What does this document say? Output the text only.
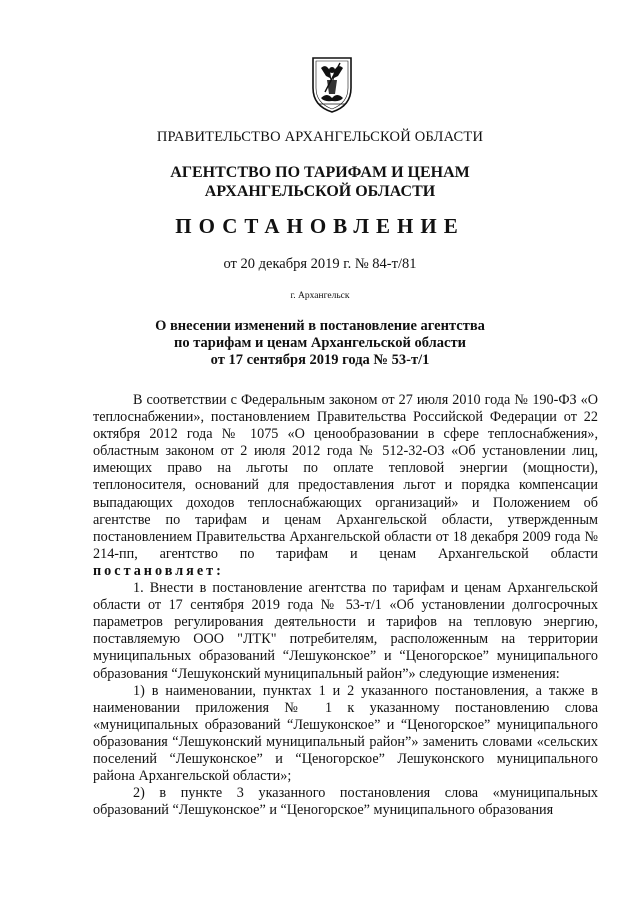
ПРАВИТЕЛЬСТВО АРХАНГЕЛЬСКОЙ ОБЛАСТИ
АГЕНТСТВО ПО ТАРИФАМ И ЦЕНАМ
АРХАНГЕЛЬСКОЙ ОБЛАСТИ
ПОСТАНОВЛЕНИЕ
от 20 декабря 2019 г. № 84-т/81
г. Архангельск
О внесении изменений в постановление агентства
по тарифам и ценам Архангельской области
от 17 сентября 2019 года № 53-т/1

В соответствии с Федеральным законом от 27 июля 2010 года № 190-ФЗ «О теплоснабжении», постановлением Правительства Российской Федерации от 22 октября 2012 года № 1075 «О ценообразовании в сфере теплоснабжения», областным законом от 2 июля 2012 года № 512-32-ОЗ «Об установлении лиц, имеющих право на льготы по оплате тепловой энергии (мощности), теплоносителя, оснований для предоставления льгот и порядка компенсации выпадающих доходов теплоснабжающих организаций» и Положением об агентстве по тарифам и ценам Архангельской области, утвержденным постановлением Правительства Архангельской области от 18 декабря 2009 года № 214-пп, агентство по тарифам и ценам Архангельской области постановляет:

1. Внести в постановление агентства по тарифам и ценам Архангельской области от 17 сентября 2019 года № 53-т/1 «Об установлении долгосрочных параметров регулирования деятельности и тарифов на тепловую энергию, поставляемую ООО "ЛТК" потребителям, расположенным на территории муниципальных образований “Лешуконское” и “Ценогорское” муниципального образования “Лешуконский муниципальный район”» следующие изменения:

1) в наименовании, пунктах 1 и 2 указанного постановления, а также в наименовании приложения № 1 к указанному постановлению слова «муниципальных образований “Лешуконское” и “Ценогорское” муниципального образования “Лешуконский муниципальный район”» заменить словами «сельских поселений “Лешуконское” и “Ценогорское” Лешуконского муниципального района Архангельской области»;

2) в пункте 3 указанного постановления слова «муниципальных образований “Лешуконское” и “Ценогорское” муниципального образования
